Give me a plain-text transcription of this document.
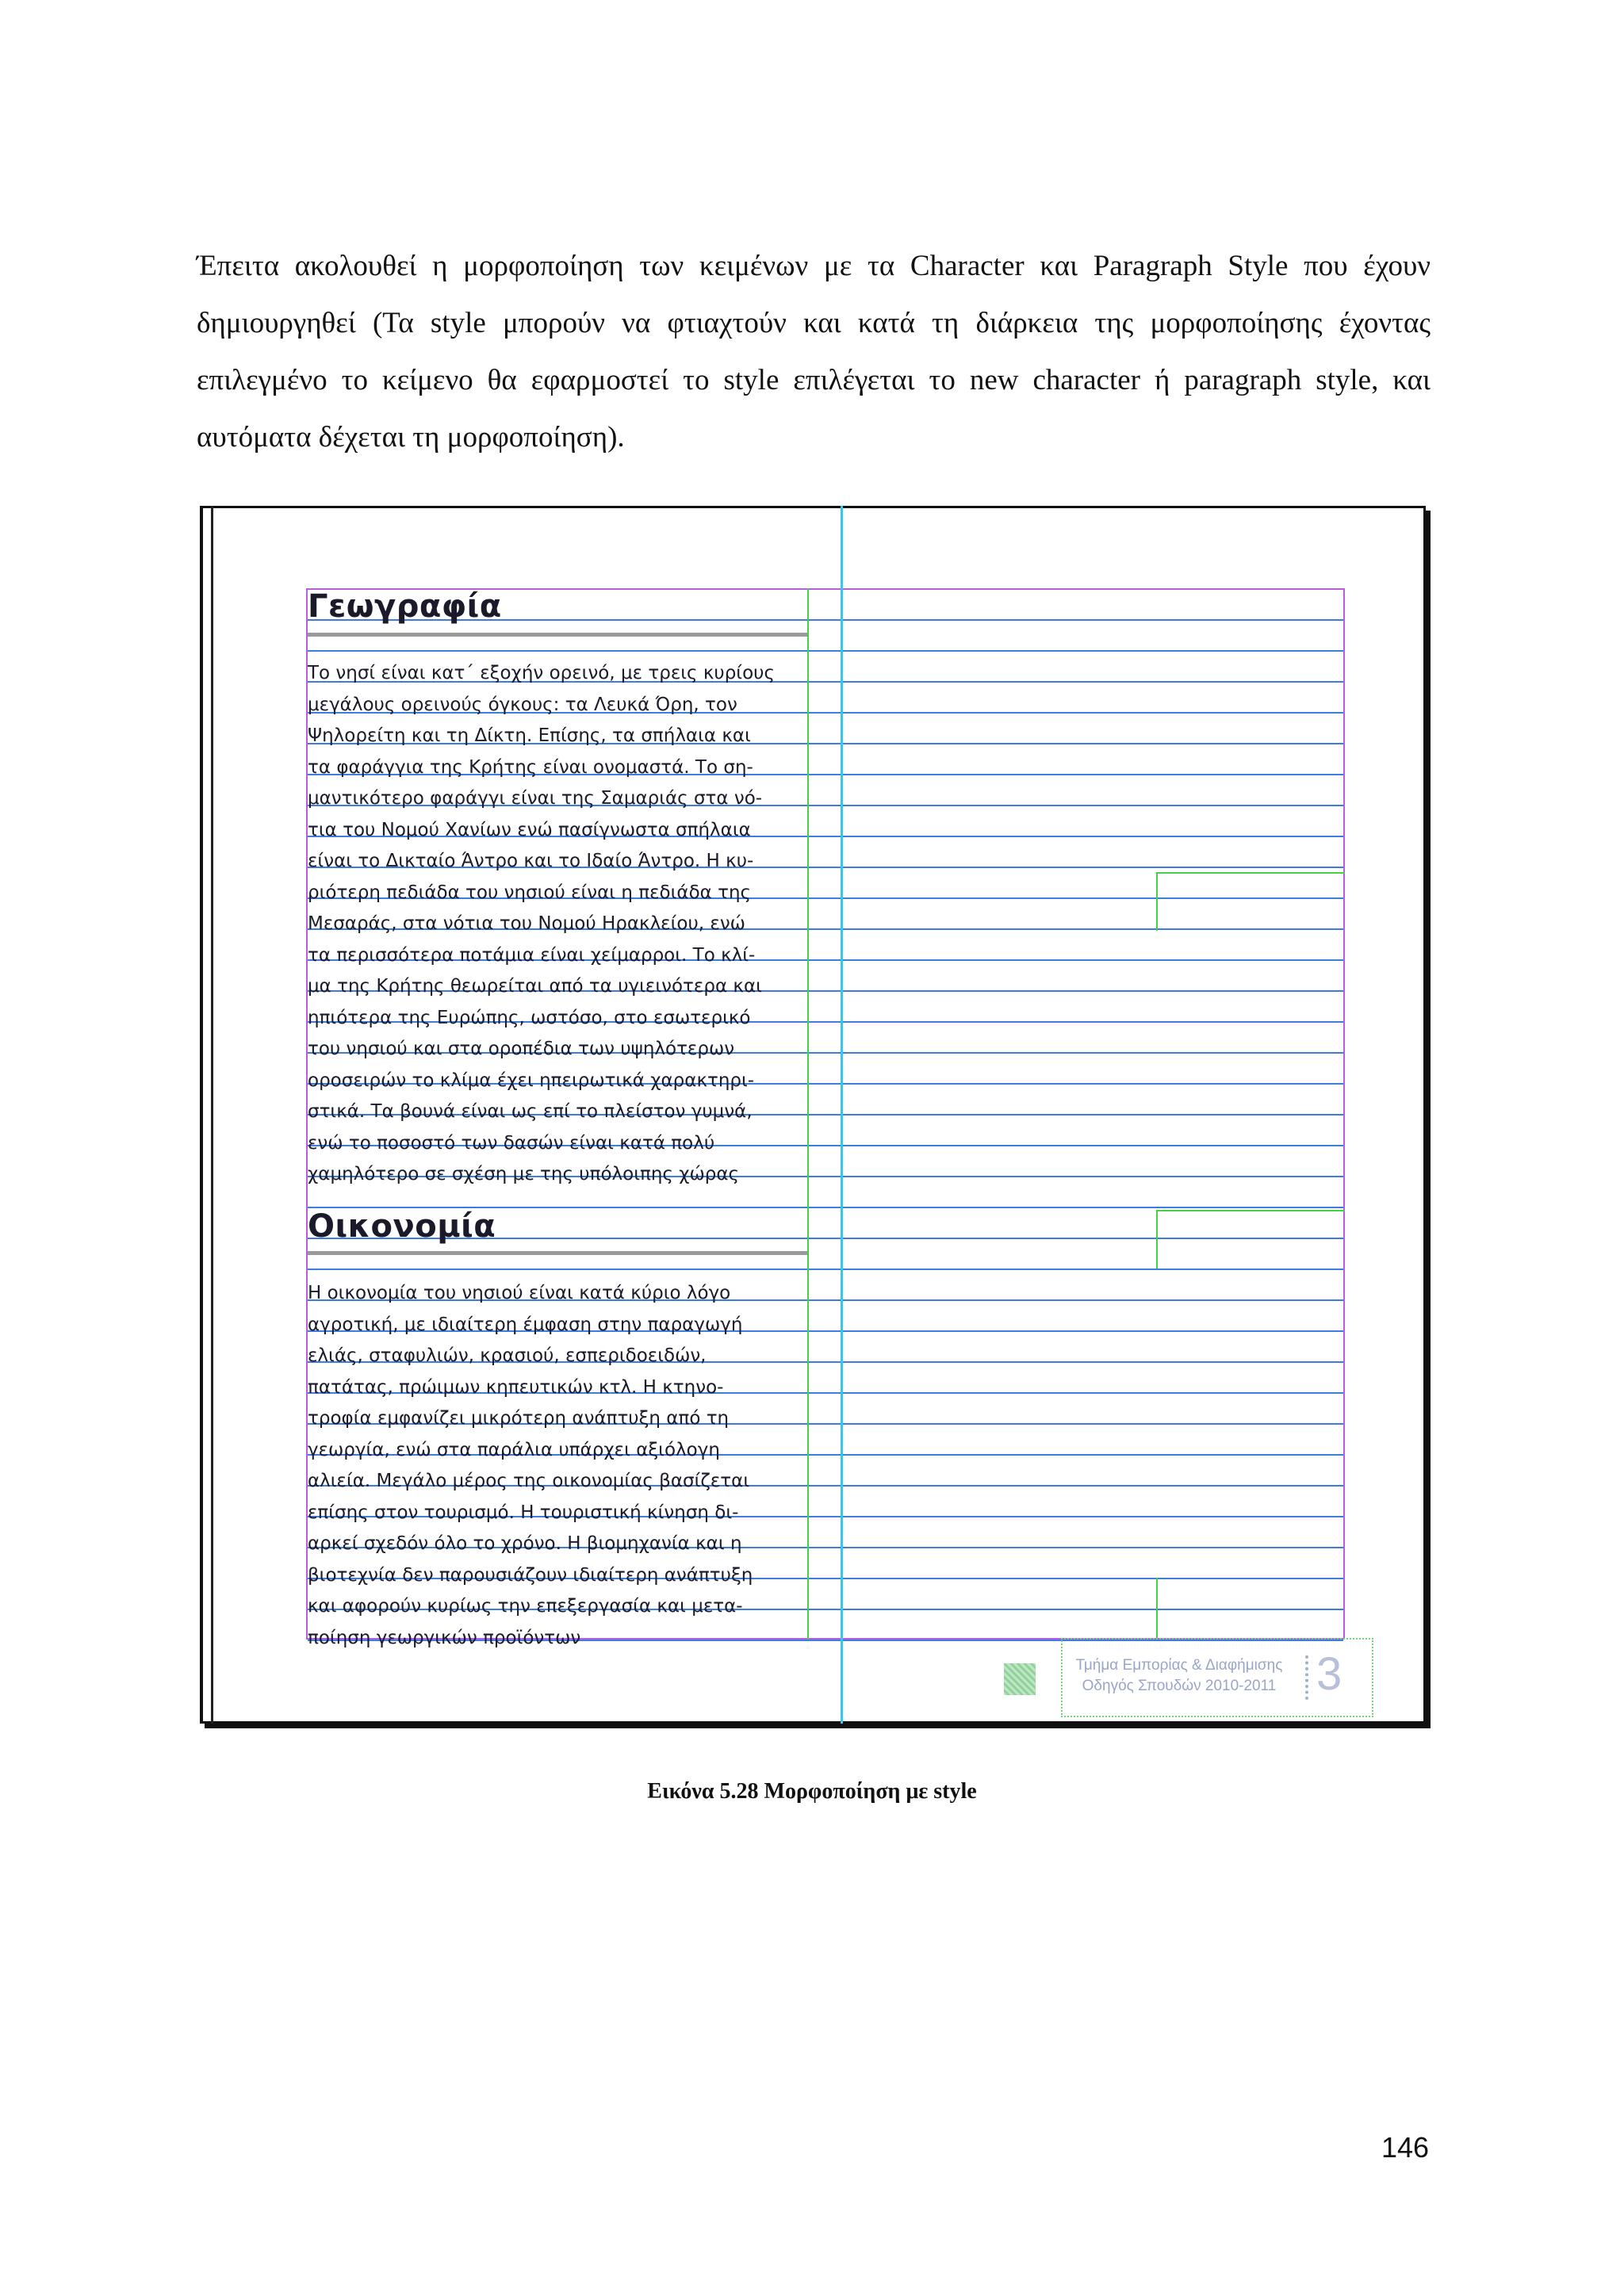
Έπειτα ακολουθεί η μορφοποίηση των κειμένων με τα Character και Paragraph Style που έχουν δημιουργηθεί (Τα style μπορούν να φτιαχτούν και κατά τη διάρκεια της μορφοποίησης έχοντας επιλεγμένο το κείμενο θα εφαρμοστεί το style επιλέγεται το new character ή paragraph style, και αυτόματα δέχεται τη μορφοποίηση).

Γεωγραφία
Το νησί είναι κατ΄ εξοχήν ορεινό, με τρεις κυρίους
μεγάλους ορεινούς όγκους: τα Λευκά Όρη, τον
Ψηλορείτη και τη Δίκτη. Επίσης, τα σπήλαια και
τα φαράγγια της Κρήτης είναι ονομαστά. Το ση-
μαντικότερο φαράγγι είναι της Σαμαριάς στα νό-
τια του Νομού Χανίων ενώ πασίγνωστα σπήλαια
είναι το Δικταίο Άντρο και το Ιδαίο Άντρο. Η κυ-
ριότερη πεδιάδα του νησιού είναι η πεδιάδα της
Μεσαράς, στα νότια του Νομού Ηρακλείου, ενώ
τα περισσότερα ποτάμια είναι χείμαρροι. Το κλί-
μα της Κρήτης θεωρείται από τα υγιεινότερα και
ηπιότερα της Ευρώπης, ωστόσο, στο εσωτερικό
του νησιού και στα οροπέδια των υψηλότερων
οροσειρών το κλίμα έχει ηπειρωτικά χαρακτηρι-
στικά. Τα βουνά είναι ως επί το πλείστον γυμνά,
ενώ το ποσοστό των δασών είναι κατά πολύ
χαμηλότερο σε σχέση με της υπόλοιπης χώρας
Οικονομία
Η οικονομία του νησιού είναι κατά κύριο λόγο
αγροτική, με ιδιαίτερη έμφαση στην παραγωγή
ελιάς, σταφυλιών, κρασιού, εσπεριδοειδών,
πατάτας, πρώιμων κηπευτικών κτλ. Η κτηνο-
τροφία εμφανίζει μικρότερη ανάπτυξη από τη
γεωργία, ενώ στα παράλια υπάρχει αξιόλογη
αλιεία. Μεγάλο μέρος της οικονομίας βασίζεται
επίσης στον τουρισμό. Η τουριστική κίνηση δι-
αρκεί σχεδόν όλο το χρόνο. Η βιομηχανία και η
βιοτεχνία δεν παρουσιάζουν ιδιαίτερη ανάπτυξη
και αφορούν κυρίως την επεξεργασία και μετα-
ποίηση γεωργικών προϊόντων
Τμήμα Εμπορίας & Διαφήμισης
Οδηγός Σπουδών 2010-2011 3
Εικόνα 5.28 Μορφοποίηση με style
146
